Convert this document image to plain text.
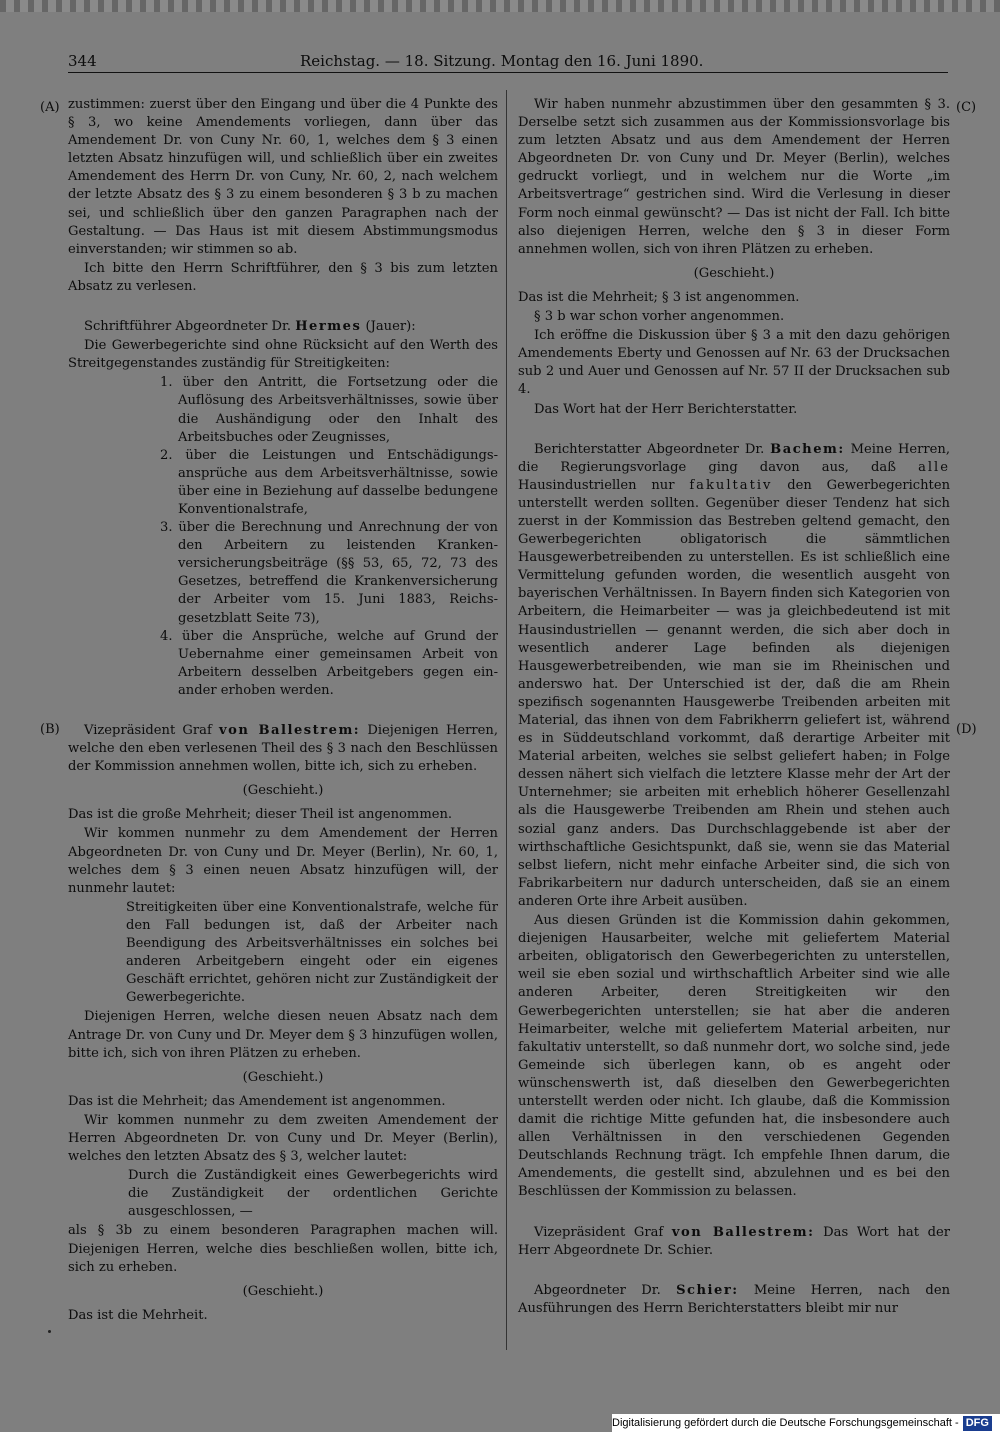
344	Reichstag. — 18. Sitzung. Montag den 16. Juni 1890.
(A)
(B)
(C)
(D)

zustimmen: zuerst über den Eingang und über die 4 Punkte des § 3, wo keine Amendements vorliegen, dann über das Amendement Dr. von Cuny Nr. 60, 1, welches dem § 3 einen letzten Absatz hinzufügen will, und schließlich über ein zweites Amendement des Herrn Dr. von Cuny, Nr. 60, 2, nach welchem der letzte Absatz des § 3 zu einem besonderen § 3 b zu machen sei, und schließlich über den ganzen Paragraphen nach der Gestaltung. — Das Haus ist mit diesem Abstimmungsmodus einverstanden; wir stimmen so ab.

Ich bitte den Herrn Schriftführer, den § 3 bis zum letzten Absatz zu verlesen.

Schriftführer Abgeordneter Dr. Hermes (Jauer):

Die Gewerbegerichte sind ohne Rücksicht auf den Werth des Streitgegenstandes zuständig für Streitigkeiten:

1. über den Antritt, die Fortsetzung oder die Auflösung des Arbeitsverhältnisses, sowie über die Aushändigung oder den Inhalt des Arbeitsbuches oder Zeugnisses,
2. über die Leistungen und Entschädigungs-ansprüche aus dem Arbeitsverhältnisse, sowie über eine in Beziehung auf dasselbe bedungene Konventionalstrafe,
3. über die Berechnung und Anrechnung der von den Arbeitern zu leistenden Kranken-versicherungsbeiträge (§§ 53, 65, 72, 73 des Gesetzes, betreffend die Krankenversicherung der Arbeiter vom 15. Juni 1883, Reichs-gesetzblatt Seite 73),
4. über die Ansprüche, welche auf Grund der Uebernahme einer gemeinsamen Arbeit von Arbeitern desselben Arbeitgebers gegen ein-ander erhoben werden.

Vizepräsident Graf von Ballestrem: Diejenigen Herren, welche den eben verlesenen Theil des § 3 nach den Beschlüssen der Kommission annehmen wollen, bitte ich, sich zu erheben.

(Geschieht.)

Das ist die große Mehrheit; dieser Theil ist angenommen.

Wir kommen nunmehr zu dem Amendement der Herren Abgeordneten Dr. von Cuny und Dr. Meyer (Berlin), Nr. 60, 1, welches dem § 3 einen neuen Absatz hinzufügen will, der nunmehr lautet:

Streitigkeiten über eine Konventionalstrafe, welche für den Fall bedungen ist, daß der Arbeiter nach Beendigung des Arbeitsverhältnisses ein solches bei anderen Arbeitgebern eingeht oder ein eigenes Geschäft errichtet, gehören nicht zur Zuständigkeit der Gewerbegerichte.

Diejenigen Herren, welche diesen neuen Absatz nach dem Antrage Dr. von Cuny und Dr. Meyer dem § 3 hinzufügen wollen, bitte ich, sich von ihren Plätzen zu erheben.

(Geschieht.)

Das ist die Mehrheit; das Amendement ist angenommen.

Wir kommen nunmehr zu dem zweiten Amendement der Herren Abgeordneten Dr. von Cuny und Dr. Meyer (Berlin), welches den letzten Absatz des § 3, welcher lautet:

Durch die Zuständigkeit eines Gewerbegerichts wird die Zuständigkeit der ordentlichen Gerichte ausgeschlossen, —

als § 3b zu einem besonderen Paragraphen machen will. Diejenigen Herren, welche dies beschließen wollen, bitte ich, sich zu erheben.

(Geschieht.)

Das ist die Mehrheit.

Wir haben nunmehr abzustimmen über den gesammten § 3. Derselbe setzt sich zusammen aus der Kommissionsvorlage bis zum letzten Absatz und aus dem Amendement der Herren Abgeordneten Dr. von Cuny und Dr. Meyer (Berlin), welches gedruckt vorliegt, und in welchem nur die Worte „im Arbeitsvertrage“ gestrichen sind. Wird die Verlesung in dieser Form noch einmal gewünscht? — Das ist nicht der Fall. Ich bitte also diejenigen Herren, welche den § 3 in dieser Form annehmen wollen, sich von ihren Plätzen zu erheben.

(Geschieht.)

Das ist die Mehrheit; § 3 ist angenommen.

§ 3 b war schon vorher angenommen.

Ich eröffne die Diskussion über § 3 a mit den dazu gehörigen Amendements Eberty und Genossen auf Nr. 63 der Drucksachen sub 2 und Auer und Genossen auf Nr. 57 II der Drucksachen sub 4.

Das Wort hat der Herr Berichterstatter.

Berichterstatter Abgeordneter Dr. Bachem: Meine Herren, die Regierungsvorlage ging davon aus, daß alle Hausindustriellen nur fakultativ den Gewerbegerichten unterstellt werden sollten. Gegenüber dieser Tendenz hat sich zuerst in der Kommission das Bestreben geltend gemacht, den Gewerbegerichten obligatorisch die sämmtlichen Hausgewerbetreibenden zu unterstellen. Es ist schließlich eine Vermittelung gefunden worden, die wesentlich ausgeht von bayerischen Verhältnissen. In Bayern finden sich Kategorien von Arbeitern, die Heimarbeiter — was ja gleichbedeutend ist mit Hausindustriellen — genannt werden, die sich aber doch in wesentlich anderer Lage befinden als diejenigen Hausgewerbetreibenden, wie man sie im Rheinischen und anderswo hat. Der Unterschied ist der, daß die am Rhein spezifisch sogenannten Hausgewerbe Treibenden arbeiten mit Material, das ihnen von dem Fabrikherrn geliefert ist, während es in Süddeutschland vorkommt, daß derartige Arbeiter mit Material arbeiten, welches sie selbst geliefert haben; in Folge dessen nähert sich vielfach die letztere Klasse mehr der Art der Unternehmer; sie arbeiten mit erheblich höherer Gesellenzahl als die Hausgewerbe Treibenden am Rhein und stehen auch sozial ganz anders. Das Durchschlaggebende ist aber der wirthschaftliche Gesichtspunkt, daß sie, wenn sie das Material selbst liefern, nicht mehr einfache Arbeiter sind, die sich von Fabrikarbeitern nur dadurch unterscheiden, daß sie an einem anderen Orte ihre Arbeit ausüben.

Aus diesen Gründen ist die Kommission dahin gekommen, diejenigen Hausarbeiter, welche mit geliefertem Material arbeiten, obligatorisch den Gewerbegerichten zu unterstellen, weil sie eben sozial und wirthschaftlich Arbeiter sind wie alle anderen Arbeiter, deren Streitigkeiten wir den Gewerbegerichten unterstellen; sie hat aber die anderen Heimarbeiter, welche mit geliefertem Material arbeiten, nur fakultativ unterstellt, so daß nunmehr dort, wo solche sind, jede Gemeinde sich überlegen kann, ob es angeht oder wünschenswerth ist, daß dieselben den Gewerbegerichten unterstellt werden oder nicht. Ich glaube, daß die Kommission damit die richtige Mitte gefunden hat, die insbesondere auch allen Verhältnissen in den verschiedenen Gegenden Deutschlands Rechnung trägt. Ich empfehle Ihnen darum, die Amendements, die gestellt sind, abzulehnen und es bei den Beschlüssen der Kommission zu belassen.

Vizepräsident Graf von Ballestrem: Das Wort hat der Herr Abgeordnete Dr. Schier.

Abgeordneter Dr. Schier: Meine Herren, nach den Ausführungen des Herrn Berichterstatters bleibt mir nur

Digitalisierung gefördert durch die Deutsche Forschungsgemeinschaft - DFG
